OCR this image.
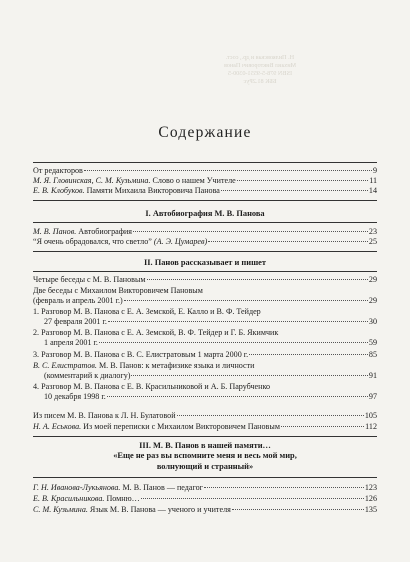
Н. Пилковская и др., сост.
Михаил Викторович Панов
ISBN 978-5-9551-0300-5
ББК 81.2Рус
Содержание
От редакторов	9
М. Я. Гловинская, С. М. Кузьмина. Слово о нашем Учителе	11
Е. В. Клобуков. Памяти Михаила Викторовича Панова	14
I. Автобиография М. В. Панова
М. В. Панов. Автобиография	23
“Я очень обрадовался, что светло” (А. Э. Цумарев)	25
II. Панов рассказывает и пишет
Четыре беседы с М. В. Пановым	29
Две беседы с Михаилом Викторовичем Пановым
(февраль и апрель 2001 г.)	29
1. Разговор М. В. Панова с Е. А. Земской, Е. Калло и В. Ф. Тейдер
27 февраля 2001 г.	30
2. Разговор М. В. Панова с Е. А. Земской, В. Ф. Тейдер и Г. Б. Якимчик
1 апреля 2001 г.	59
3. Разговор М. В. Панова с В. С. Елистратовым 1 марта 2000 г.	85
В. С. Елистратов. М. В. Панов: к метафизике языка и личности
(комментарий к диалогу)	91
4. Разговор М. В. Панова с Е. В. Красильниковой и А. Б. Парубченко
10 декабря 1998 г.	97
Из писем М. В. Панова к Л. Н. Булатовой	105
Н. А. Еськова. Из моей переписки с Михаилом Викторовичем Пановым	112
III. М. В. Панов в нашей памяти…
«Еще не раз вы вспомните меня и весь мой мир,
волнующий и странный»
Г. Н. Иванова-Лукьянова. М. В. Панов — педагог	123
Е. В. Красильникова. Помню…	126
С. М. Кузьмина. Язык М. В. Панова — ученого и учителя	135
